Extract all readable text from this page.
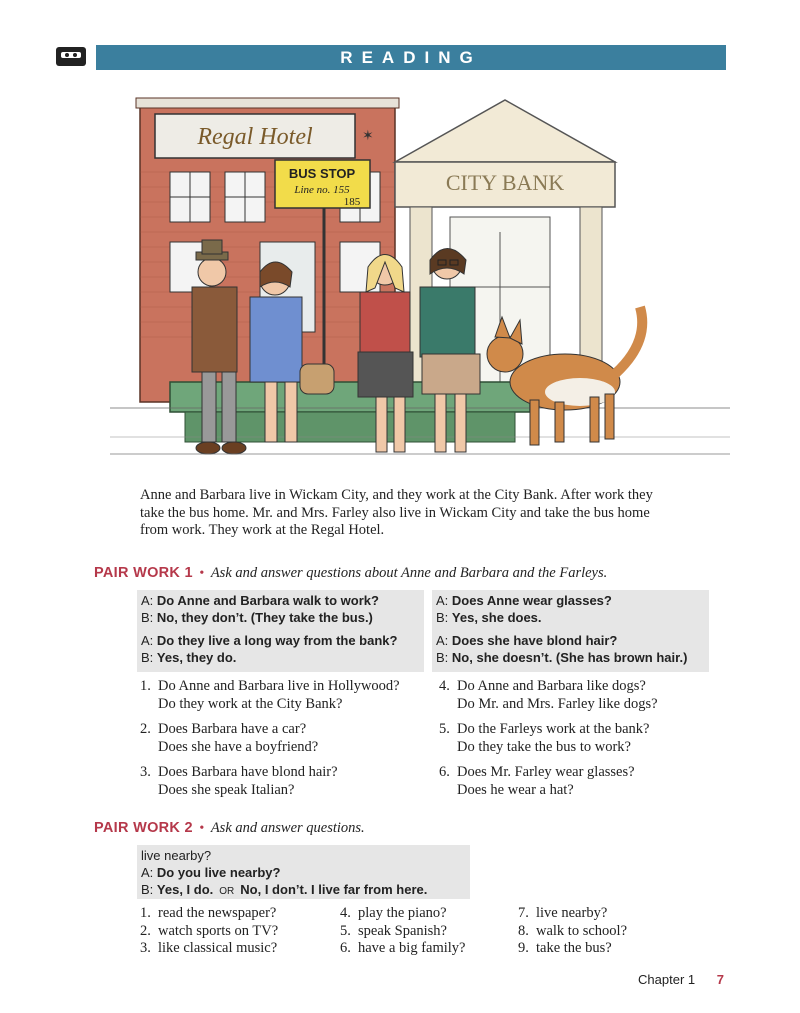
READING
Regal Hotel	✶
CITY BANK
BUS STOP
Line no. 155
185

Anne and Barbara live in Wickam City, and they work at the City Bank. After work they take the bus home. Mr. and Mrs. Farley also live in Wickam City and take the bus home from work. They work at the Regal Hotel.

PAIR WORK 1 • Ask and answer questions about Anne and Barbara and the Farleys.
A: Do Anne and Barbara walk to work?
B: No, they don’t. (They take the bus.)
A: Do they live a long way from the bank?
B: Yes, they do.
A: Does Anne wear glasses?
B: Yes, she does.
A: Does she have blond hair?
B: No, she doesn’t. (She has brown hair.)
1. Do Anne and Barbara live in Hollywood?
Do they work at the City Bank?
2. Does Barbara have a car?
Does she have a boyfriend?
3. Does Barbara have blond hair?
Does she speak Italian?
4. Do Anne and Barbara like dogs?
Do Mr. and Mrs. Farley like dogs?
5. Do the Farleys work at the bank?
Do they take the bus to work?
6. Does Mr. Farley wear glasses?
Does he wear a hat?
PAIR WORK 2 • Ask and answer questions.
live nearby?
A: Do you live nearby?
B: Yes, I do. OR No, I don’t. I live far from here.
1. read the newspaper?
2. watch sports on TV?
3. like classical music?
4. play the piano?
5. speak Spanish?
6. have a big family?
7. live nearby?
8. walk to school?
9. take the bus?
Chapter 1 7
